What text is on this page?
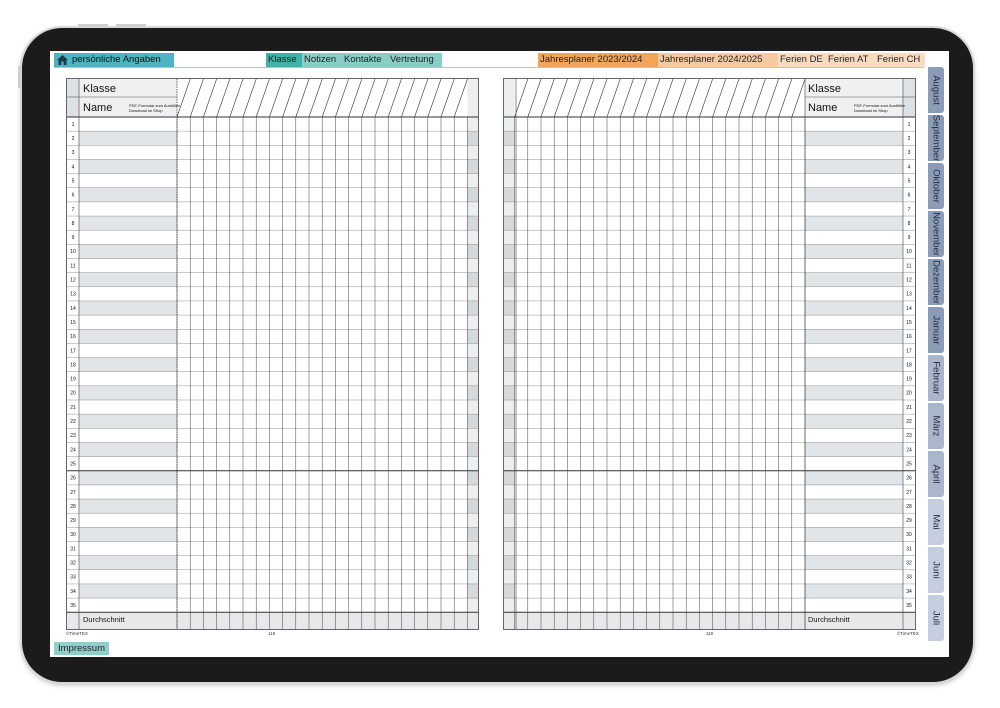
persönliche Angaben	Klasse Notizen Kontakte Vertretung	Jahresplaner 2023/2024	Jahresplaner 2024/2025	Ferien DE Ferien AT Ferien CH
1
2
3
4
5
6
7
8
9
10
11
12
13
14
15
16
17
18
19
20
21
22
23
24
25
26
27
28
29
30
31
32
33
34
35
Klasse
Name	PDF-Formular zum Ausfüllen
Download im Shop
Durchschnitt
1
2
3
4
5
6
7
8
9
10
11
12
13
14
15
16
17
18
19
20
21
22
23
24
25
26
27
28
29
30
31
32
33
34
35
Klasse
Name	PDF-Formular zum Ausfüllen
Download im Shop
Durchschnitt
©TimeTEX	118	119	©TimeTEX
August
September
Oktober
November
Dezember
Januar
Februar
März
April
Mai
Juni
Juli
Impressum
